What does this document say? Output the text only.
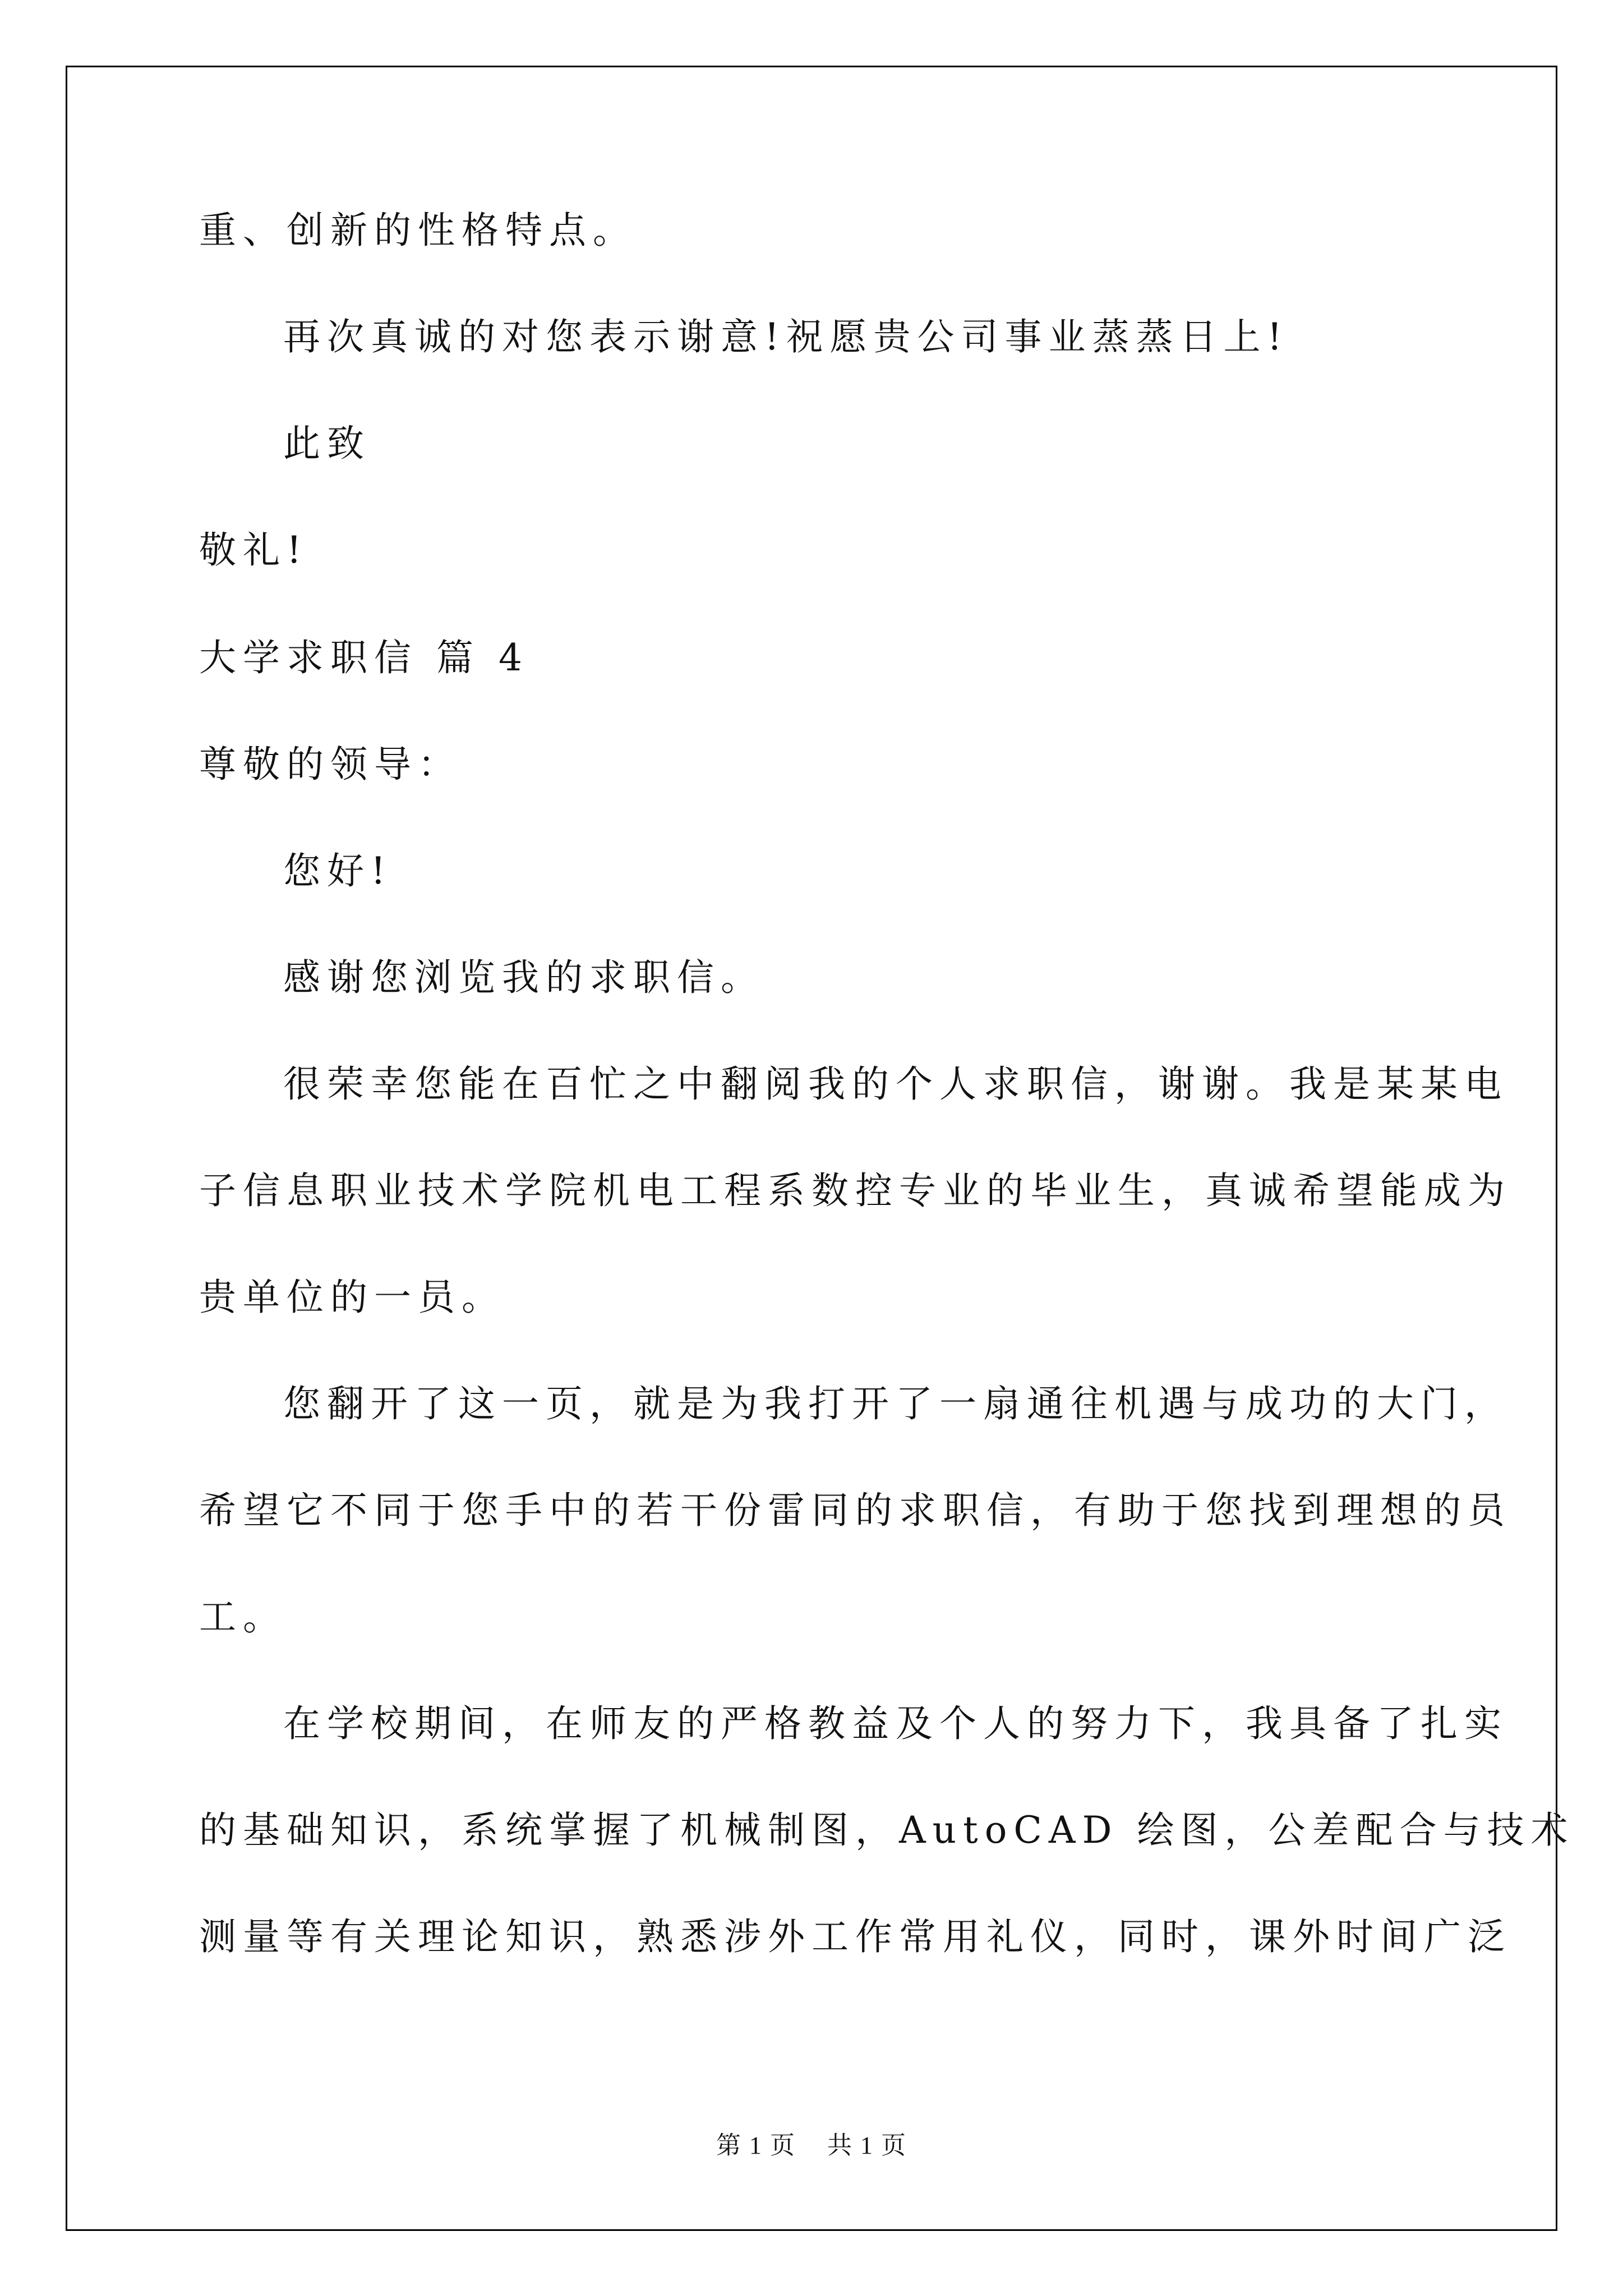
重、创新的性格特点。
再次真诚的对您表示谢意!祝愿贵公司事业蒸蒸日上!
此致
敬礼!
大学求职信 篇 4
尊敬的领导：
您好!
感谢您浏览我的求职信。
很荣幸您能在百忙之中翻阅我的个人求职信，谢谢。我是某某电
子信息职业技术学院机电工程系数控专业的毕业生，真诚希望能成为
贵单位的一员。
您翻开了这一页，就是为我打开了一扇通往机遇与成功的大门，
希望它不同于您手中的若干份雷同的求职信，有助于您找到理想的员
工。
在学校期间，在师友的严格教益及个人的努力下，我具备了扎实
的基础知识，系统掌握了机械制图，AutoCAD 绘图，公差配合与技术
测量等有关理论知识，熟悉涉外工作常用礼仪，同时，课外时间广泛
第 1 页 共 1 页
